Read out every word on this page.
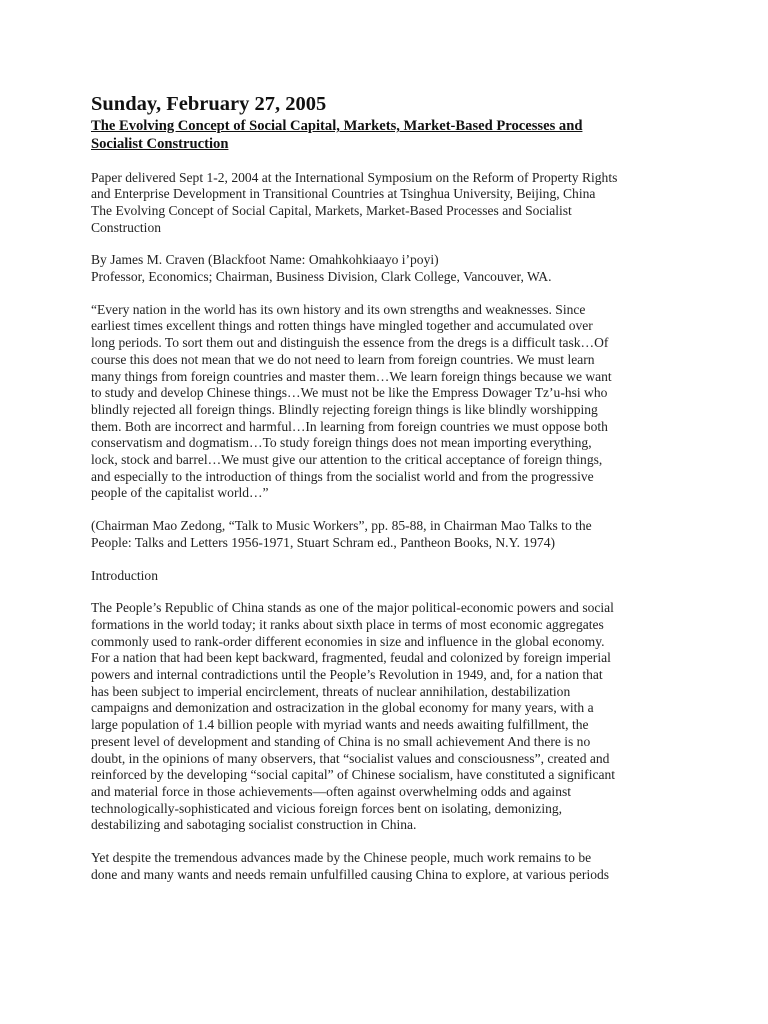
Sunday, February 27, 2005
The Evolving Concept of Social Capital, Markets, Market-Based Processes and
Socialist Construction

Paper delivered Sept 1-2, 2004 at the International Symposium on the Reform of Property Rights
and Enterprise Development in Transitional Countries at Tsinghua University, Beijing, China
The Evolving Concept of Social Capital, Markets, Market-Based Processes and Socialist
Construction

By James M. Craven (Blackfoot Name: Omahkohkiaayo i’poyi)
Professor, Economics; Chairman, Business Division, Clark College, Vancouver, WA.

“Every nation in the world has its own history and its own strengths and weaknesses. Since
earliest times excellent things and rotten things have mingled together and accumulated over
long periods. To sort them out and distinguish the essence from the dregs is a difficult task…Of
course this does not mean that we do not need to learn from foreign countries. We must learn
many things from foreign countries and master them…We learn foreign things because we want
to study and develop Chinese things…We must not be like the Empress Dowager Tz’u-hsi who
blindly rejected all foreign things. Blindly rejecting foreign things is like blindly worshipping
them. Both are incorrect and harmful…In learning from foreign countries we must oppose both
conservatism and dogmatism…To study foreign things does not mean importing everything,
lock, stock and barrel…We must give our attention to the critical acceptance of foreign things,
and especially to the introduction of things from the socialist world and from the progressive
people of the capitalist world…”

(Chairman Mao Zedong, “Talk to Music Workers”, pp. 85-88, in Chairman Mao Talks to the
People: Talks and Letters 1956-1971, Stuart Schram ed., Pantheon Books, N.Y. 1974)

Introduction

The People’s Republic of China stands as one of the major political-economic powers and social
formations in the world today; it ranks about sixth place in terms of most economic aggregates
commonly used to rank-order different economies in size and influence in the global economy.
For a nation that had been kept backward, fragmented, feudal and colonized by foreign imperial
powers and internal contradictions until the People’s Revolution in 1949, and, for a nation that
has been subject to imperial encirclement, threats of nuclear annihilation, destabilization
campaigns and demonization and ostracization in the global economy for many years, with a
large population of 1.4 billion people with myriad wants and needs awaiting fulfillment, the
present level of development and standing of China is no small achievement And there is no
doubt, in the opinions of many observers, that “socialist values and consciousness”, created and
reinforced by the developing “social capital” of Chinese socialism, have constituted a significant
and material force in those achievements—often against overwhelming odds and against
technologically-sophisticated and vicious foreign forces bent on isolating, demonizing,
destabilizing and sabotaging socialist construction in China.

Yet despite the tremendous advances made by the Chinese people, much work remains to be
done and many wants and needs remain unfulfilled causing China to explore, at various periods
